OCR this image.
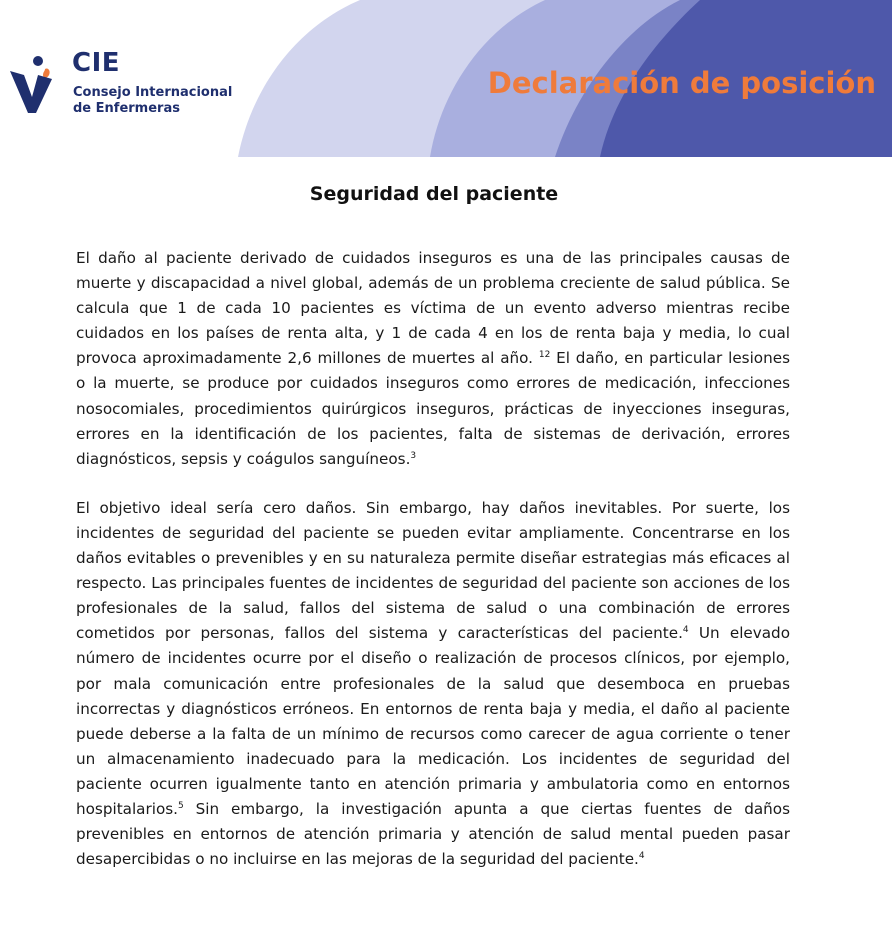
CIE
Consejo Internacional
de Enfermeras
Declaración de posición
Seguridad del paciente

El daño al paciente derivado de cuidados inseguros es una de las principales causas de muerte y discapacidad a nivel global, además de un problema creciente de salud pública. Se calcula que 1 de cada 10 pacientes es víctima de un evento adverso mientras recibe cuidados en los países de renta alta, y 1 de cada 4 en los de renta baja y media, lo cual provoca aproximadamente 2,6 millones de muertes al año. $^{12}$ El daño, en particular lesiones o la muerte, se produce por cuidados inseguros como errores de medicación, infecciones nosocomiales, procedimientos quirúrgicos inseguros, prácticas de inyecciones inseguras, errores en la identificación de los pacientes, falta de sistemas de derivación, errores diagnósticos, sepsis y coágulos sanguíneos.$^3$

El objetivo ideal sería cero daños. Sin embargo, hay daños inevitables. Por suerte, los incidentes de seguridad del paciente se pueden evitar ampliamente. Concentrarse en los daños evitables o prevenibles y en su naturaleza permite diseñar estrategias más eficaces al respecto. Las principales fuentes de incidentes de seguridad del paciente son acciones de los profesionales de la salud, fallos del sistema de salud o una combinación de errores cometidos por personas, fallos del sistema y características del paciente.$^4$ Un elevado número de incidentes ocurre por el diseño o realización de procesos clínicos, por ejemplo, por mala comunicación entre profesionales de la salud que desemboca en pruebas incorrectas y diagnósticos erróneos. En entornos de renta baja y media, el daño al paciente puede deberse a la falta de un mínimo de recursos como carecer de agua corriente o tener un almacenamiento inadecuado para la medicación. Los incidentes de seguridad del paciente ocurren igualmente tanto en atención primaria y ambulatoria como en entornos hospitalarios.$^5$ Sin embargo, la investigación apunta a que ciertas fuentes de daños prevenibles en entornos de atención primaria y atención de salud mental pueden pasar desapercibidas o no incluirse en las mejoras de la seguridad del paciente.$^4$
